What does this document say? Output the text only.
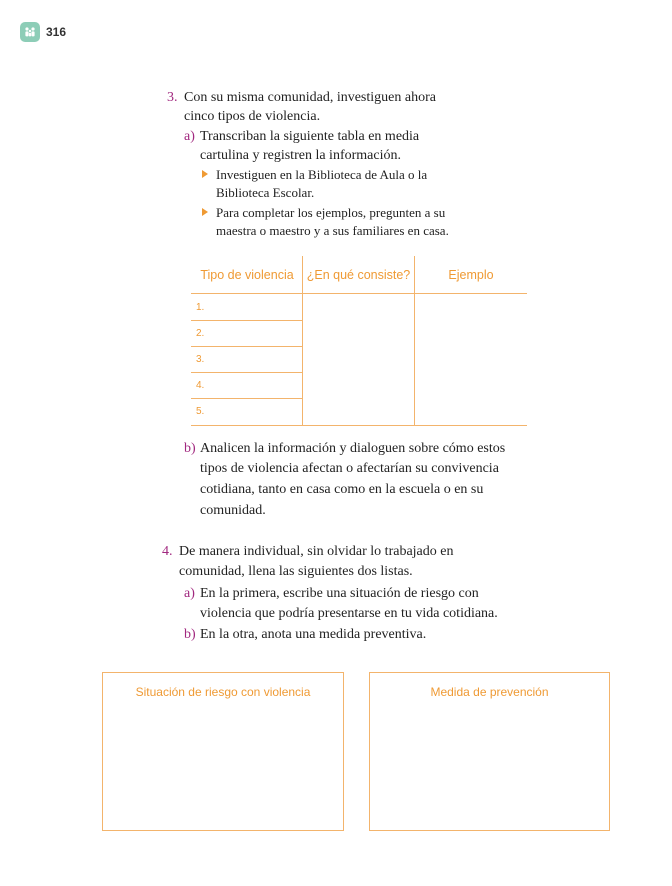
316
3. Con su misma comunidad, investiguen ahora
cinco tipos de violencia.
a) Transcriban la siguiente tabla en media
cartulina y registren la información.
Investiguen en la Biblioteca de Aula o la
Biblioteca Escolar.
Para completar los ejemplos, pregunten a su
maestra o maestro y a sus familiares en casa.
Tipo de violencia	¿En qué consiste?	Ejemplo
1.
2.
3.
4.
5.
b) Analicen la información y dialoguen sobre cómo estos
tipos de violencia afectan o afectarían su convivencia
cotidiana, tanto en casa como en la escuela o en su
comunidad.
4. De manera individual, sin olvidar lo trabajado en
comunidad, llena las siguientes dos listas.
a) En la primera, escribe una situación de riesgo con
violencia que podría presentarse en tu vida cotidiana.
b) En la otra, anota una medida preventiva.
Situación de riesgo con violencia	Medida de prevención
